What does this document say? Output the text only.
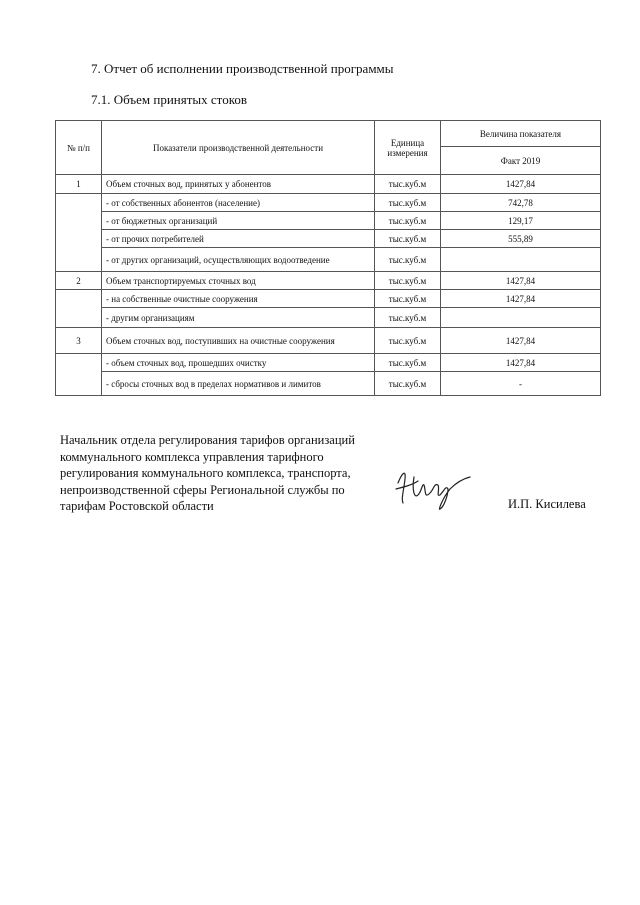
7. Отчет об исполнении производственной программы
7.1. Объем принятых стоков
№ п/п	Показатели производственной деятельности	Единица измерения	Величина показателя
			Факт 2019
1	Объем сточных вод, принятых у абонентов	тыс.куб.м	1427,84
	- от собственных абонентов (население)	тыс.куб.м	742,78
	- от бюджетных организаций	тыс.куб.м	129,17
	- от прочих потребителей	тыс.куб.м	555,89
	- от других организаций, осуществляющих водоотведение	тыс.куб.м	
2	Объем транспортируемых сточных вод	тыс.куб.м	1427,84
	- на собственные очистные сооружения	тыс.куб.м	1427,84
	- другим организациям	тыс.куб.м	
3	Объем сточных вод, поступивших на очистные сооружения	тыс.куб.м	1427,84
	- объем сточных вод, прошедших очистку	тыс.куб.м	1427,84
	- сбросы сточных вод в пределах нормативов и лимитов	тыс.куб.м	-
Начальник отдела регулирования тарифов организаций коммунального комплекса управления тарифного регулирования коммунального комплекса, транспорта, непроизводственной сферы Региональной службы по тарифам Ростовской области	И.П. Кисилева
